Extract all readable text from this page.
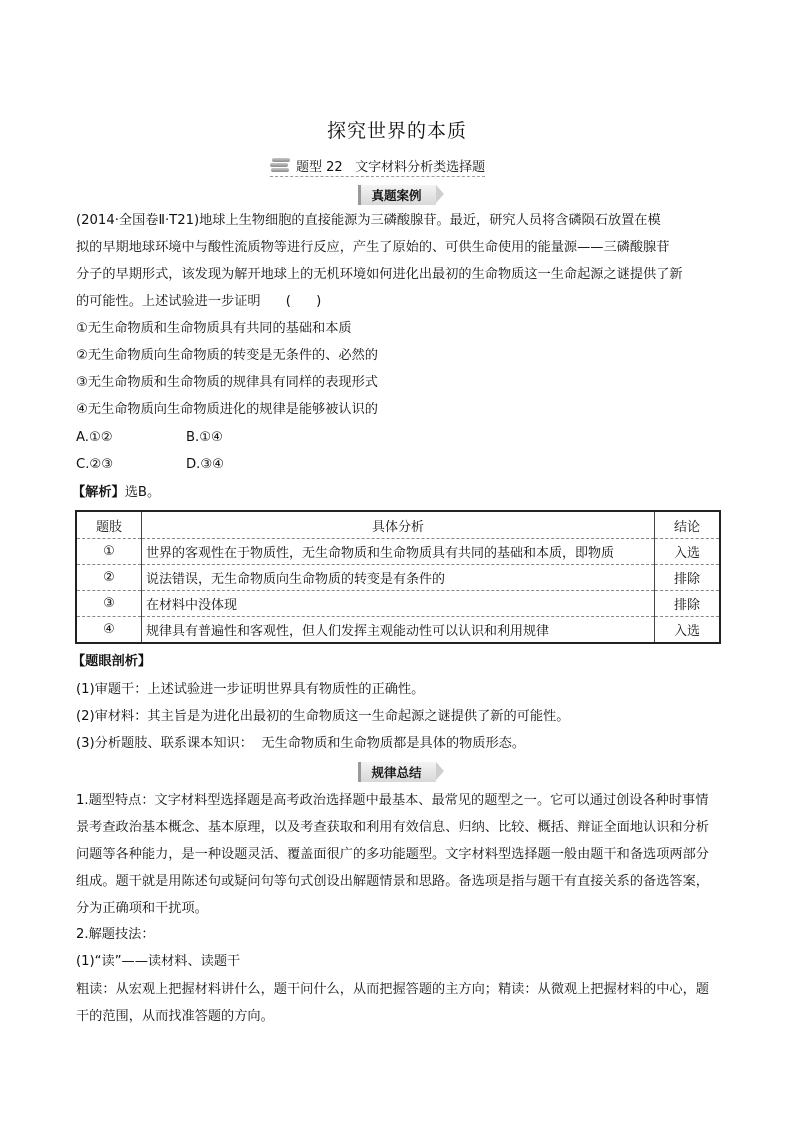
探究世界的本质
题型 22   文字材料分析类选择题
真题案例
(2014·全国卷Ⅱ·T21)地球上生物细胞的直接能源为三磷酸腺苷。最近，研究人员将含磷陨石放置在模
拟的早期地球环境中与酸性流质物等进行反应，产生了原始的、可供生命使用的能量源——三磷酸腺苷
分子的早期形式，该发现为解开地球上的无机环境如何进化出最初的生命物质这一生命起源之谜提供了新
的可能性。上述试验进一步证明      (      )
①无生命物质和生命物质具有共同的基础和本质
②无生命物质向生命物质的转变是无条件的、必然的
③无生命物质和生命物质的规律具有同样的表现形式
④无生命物质向生命物质进化的规律是能够被认识的
A.①②	B.①④
C.②③	D.③④
【解析】选B。
题肢	具体分析	结论
①	世界的客观性在于物质性，无生命物质和生命物质具有共同的基础和本质，即物质	入选
②	说法错误，无生命物质向生命物质的转变是有条件的	排除
③	在材料中没体现	排除
④	规律具有普遍性和客观性，但人们发挥主观能动性可以认识和利用规律	入选
【题眼剖析】
(1)审题干：上述试验进一步证明世界具有物质性的正确性。
(2)审材料：其主旨是为进化出最初的生命物质这一生命起源之谜提供了新的可能性。
(3)分析题肢、联系课本知识：  无生命物质和生命物质都是具体的物质形态。
规律总结
1.题型特点：文字材料型选择题是高考政治选择题中最基本、最常见的题型之一。它可以通过创设各种时事情景考查政治基本概念、基本原理，以及考查获取和利用有效信息、归纳、比较、概括、辩证全面地认识和分析问题等各种能力，是一种设题灵活、覆盖面很广的多功能题型。文字材料型选择题一般由题干和备选项两部分组成。题干就是用陈述句或疑问句等句式创设出解题情景和思路。备选项是指与题干有直接关系的备选答案，分为正确项和干扰项。
2.解题技法：
(1)“读”——读材料、读题干
粗读：从宏观上把握材料讲什么，题干问什么，从而把握答题的主方向；精读：从微观上把握材料的中心，题干的范围，从而找准答题的方向。
